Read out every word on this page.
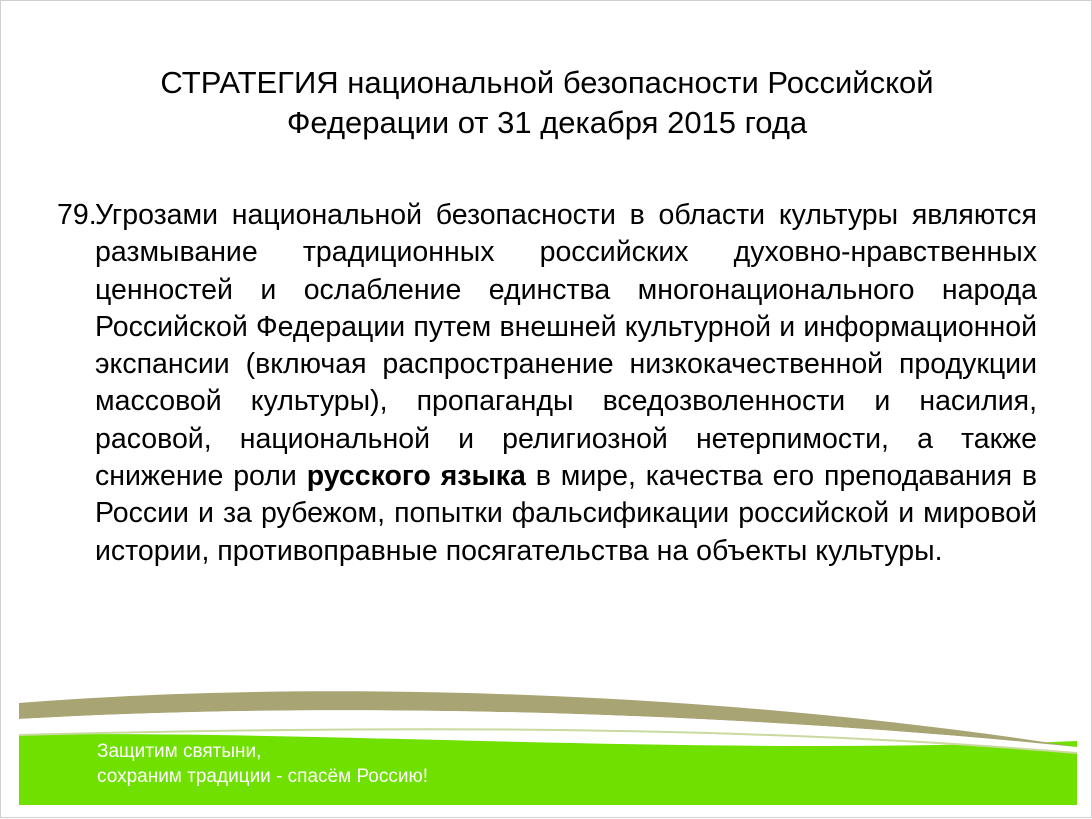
СТРАТЕГИЯ национальной безопасности Российской
Федерации от 31 декабря 2015 года
79.

Угрозами национальной безопасности в области культуры являются размывание традиционных российских духовно-нравственных ценностей и ослабление единства многонационального народа Российской Федерации путем внешней культурной и информационной экспансии (включая распространение низкокачественной продукции массовой культуры), пропаганды вседозволенности и насилия, расовой, национальной и религиозной нетерпимости, а также снижение роли русского языка в мире, качества его преподавания в России и за рубежом, попытки фальсификации российской и мировой истории, противоправные посягательства на объекты культуры.

Защитим святыни,
сохраним традиции - спасём Россию!
